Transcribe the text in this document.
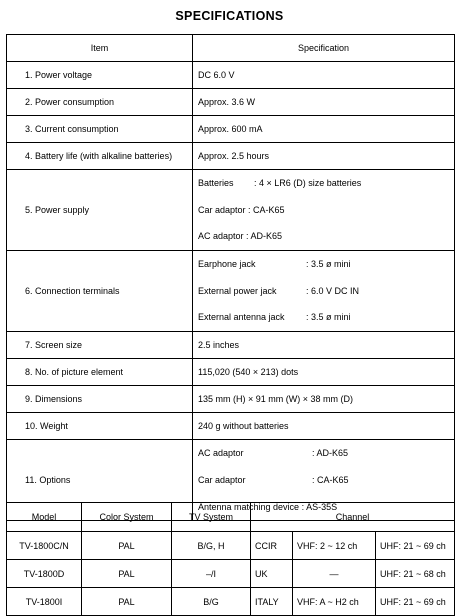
SPECIFICATIONS
Item	Specification
1. Power voltage	DC 6.0 V
2. Power consumption	Approx. 3.6 W
3. Current consumption	Approx. 600 mA
4. Battery life (with alkaline batteries)	Approx. 2.5 hours
5. Power supply	Batteries : 4 × LR6 (D) size batteries
Car adaptor : CA-K65
AC adaptor : AD-K65

6. Connection terminals	Earphone jack : 3.5 ø mini
External power jack : 6.0 V DC IN
External antenna jack : 3.5 ø mini

7. Screen size	2.5 inches
8. No. of picture element	115,020 (540 × 213) dots
9. Dimensions	135 mm (H) × 91 mm (W) × 38 mm (D)
10. Weight	240 g without batteries
11. Options	AC adaptor : AD-K65
Car adaptor : CA-K65
Antenna matching device : AS-35S
Model	Color System	TV System	Channel		
TV-1800C/N	PAL	B/G, H	CCIR	VHF: 2 ~ 12 ch	UHF: 21 ~ 69 ch
TV-1800D	PAL	–/I	UK	—	UHF: 21 ~ 68 ch
TV-1800I	PAL	B/G	ITALY	VHF: A ~ H2 ch	UHF: 21 ~ 69 ch
